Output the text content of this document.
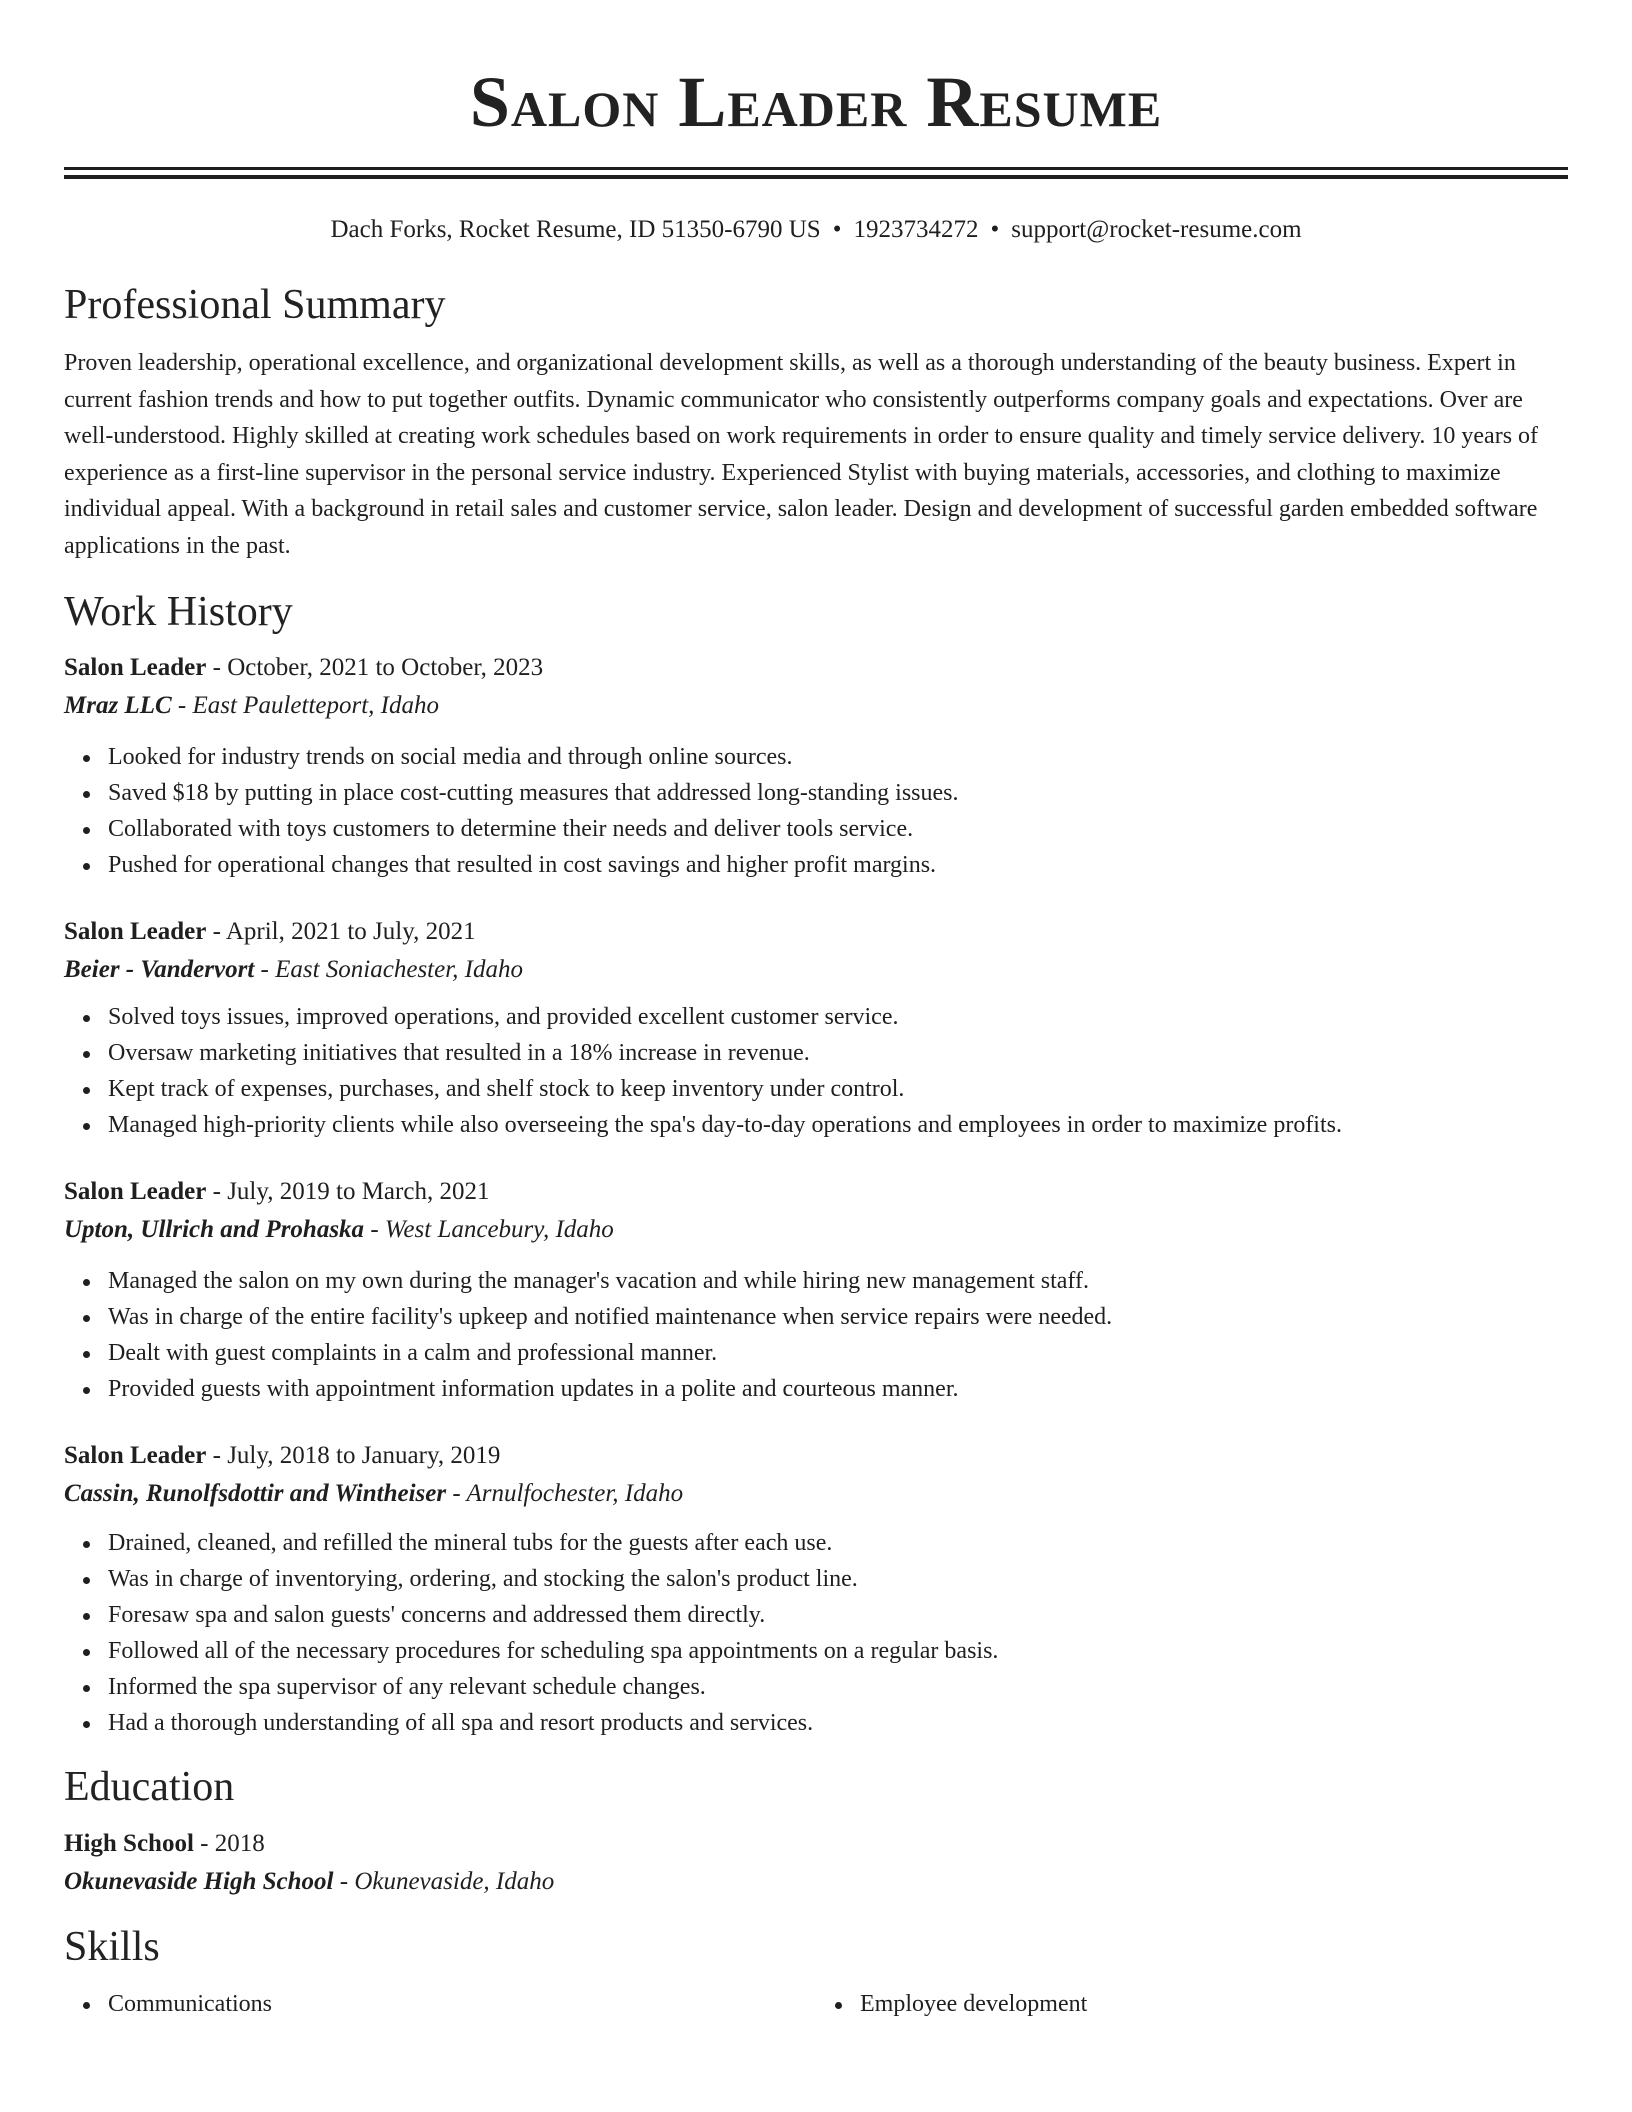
Salon Leader Resume
Dach Forks, Rocket Resume, ID 51350-6790 US • 1923734272 • support@rocket-resume.com
Professional Summary

Proven leadership, operational excellence, and organizational development skills, as well as a thorough understanding of the beauty business. Expert in current fashion trends and how to put together outfits. Dynamic communicator who consistently outperforms company goals and expectations. Over are well-understood. Highly skilled at creating work schedules based on work requirements in order to ensure quality and timely service delivery. 10 years of experience as a first-line supervisor in the personal service industry. Experienced Stylist with buying materials, accessories, and clothing to maximize individual appeal. With a background in retail sales and customer service, salon leader. Design and development of successful garden embedded software applications in the past.

Work History
Salon Leader - October, 2021 to October, 2023
Mraz LLC - East Pauletteport, Idaho
Looked for industry trends on social media and through online sources.
Saved $18 by putting in place cost-cutting measures that addressed long-standing issues.
Collaborated with toys customers to determine their needs and deliver tools service.
Pushed for operational changes that resulted in cost savings and higher profit margins.
Salon Leader - April, 2021 to July, 2021
Beier - Vandervort - East Soniachester, Idaho
Solved toys issues, improved operations, and provided excellent customer service.
Oversaw marketing initiatives that resulted in a 18% increase in revenue.
Kept track of expenses, purchases, and shelf stock to keep inventory under control.
Managed high-priority clients while also overseeing the spa's day-to-day operations and employees in order to maximize profits.
Salon Leader - July, 2019 to March, 2021
Upton, Ullrich and Prohaska - West Lancebury, Idaho
Managed the salon on my own during the manager's vacation and while hiring new management staff.
Was in charge of the entire facility's upkeep and notified maintenance when service repairs were needed.
Dealt with guest complaints in a calm and professional manner.
Provided guests with appointment information updates in a polite and courteous manner.
Salon Leader - July, 2018 to January, 2019
Cassin, Runolfsdottir and Wintheiser - Arnulfochester, Idaho
Drained, cleaned, and refilled the mineral tubs for the guests after each use.
Was in charge of inventorying, ordering, and stocking the salon's product line.
Foresaw spa and salon guests' concerns and addressed them directly.
Followed all of the necessary procedures for scheduling spa appointments on a regular basis.
Informed the spa supervisor of any relevant schedule changes.
Had a thorough understanding of all spa and resort products and services.
Education
High School - 2018
Okunevaside High School - Okunevaside, Idaho
Skills
Communications	Employee development
